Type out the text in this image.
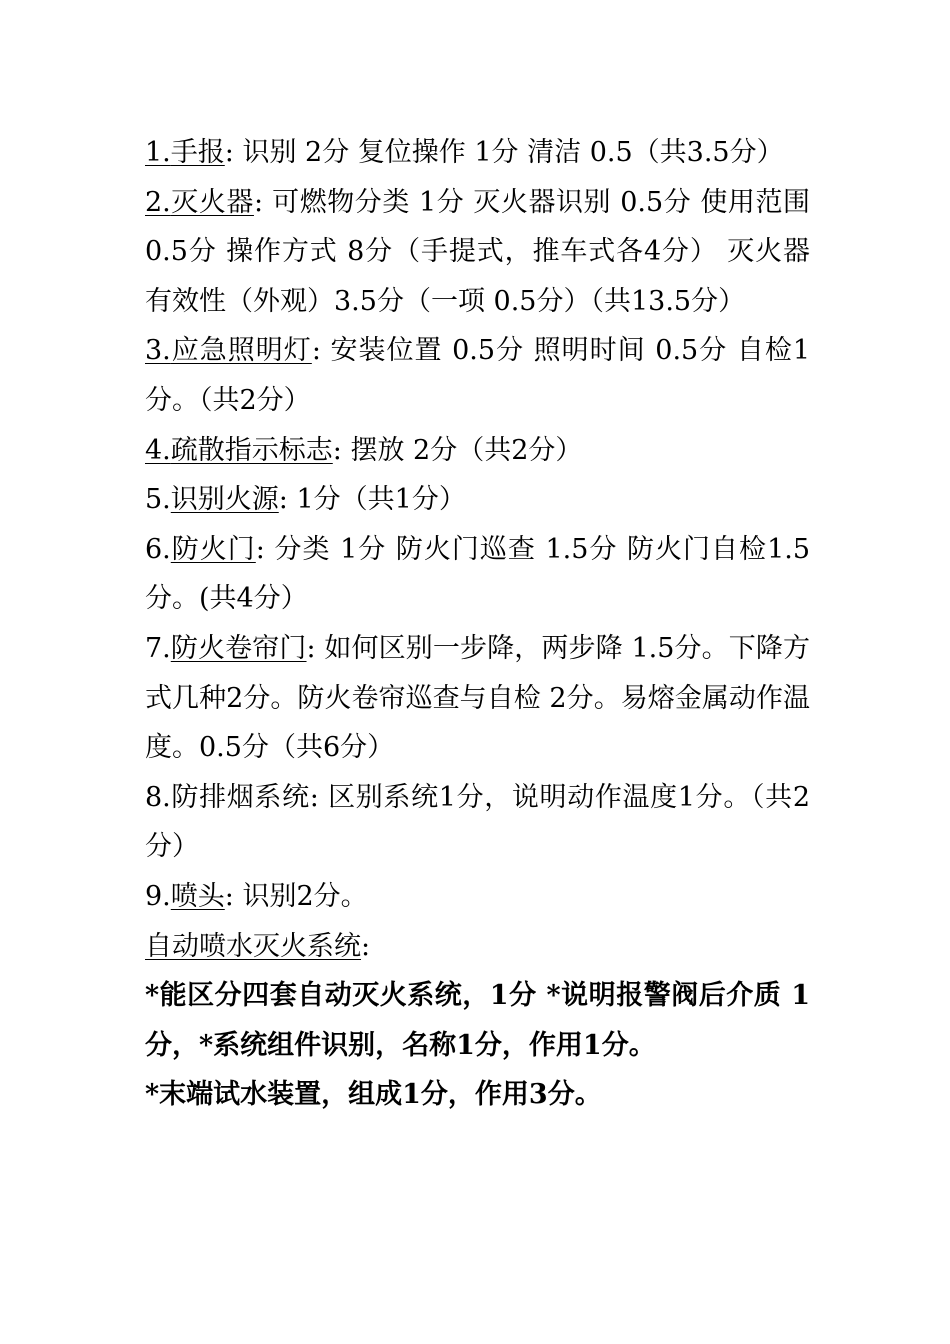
1.手报: 识别 2分 复位操作 1分 清洁 0.5（共3.5分）

2.灭火器: 可燃物分类 1分 灭火器识别 0.5分 使用范围 0.5分 操作方式 8分（手提式，推车式各4分） 灭火器有效性（外观）3.5分（一项 0.5分）（共13.5分）

3.应急照明灯: 安装位置 0.5分 照明时间 0.5分 自检1分。（共2分）

4.疏散指示标志: 摆放 2分（共2分）

5.识别火源: 1分（共1分）

6.防火门: 分类 1分 防火门巡查 1.5分 防火门自检1.5分。(共4分）

7.防火卷帘门: 如何区别一步降，两步降 1.5分。下降方式几种2分。防火卷帘巡查与自检 2分。易熔金属动作温度。0.5分（共6分）

8.防排烟系统: 区别系统1分，说明动作温度1分。（共2分）

9.喷头: 识别2分。

自动喷水灭火系统:

*能区分四套自动灭火系统，1分 *说明报警阀后介质 1分，*系统组件识别，名称1分，作用1分。

*末端试水装置，组成1分，作用3分。
